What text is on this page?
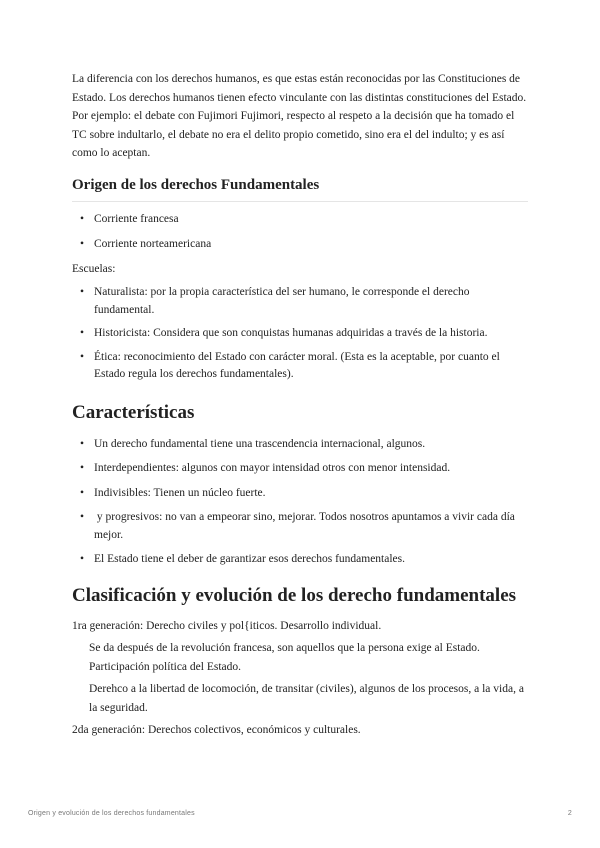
La diferencia con los derechos humanos, es que estas están reconocidas por las Constituciones de Estado. Los derechos humanos tienen efecto vinculante con las distintas constituciones del Estado. Por ejemplo: el debate con Fujimori Fujimori, respecto al respeto a la decisión que ha tomado el TC sobre indultarlo, el debate no era el delito propio cometido, sino era el del indulto; y es así como lo aceptan.

Origen de los derechos Fundamentales
• Corriente francesa
• Corriente norteamericana

Escuelas:

• Naturalista: por la propia característica del ser humano, le corresponde el derecho fundamental.
• Historicista: Considera que son conquistas humanas adquiridas a través de la historia.
• Ética: reconocimiento del Estado con carácter moral. (Esta es la aceptable, por cuanto el Estado regula los derechos fundamentales).
Características
• Un derecho fundamental tiene una trascendencia internacional, algunos.
• Interdependientes: algunos con mayor intensidad otros con menor intensidad.
• Indivisibles: Tienen un núcleo fuerte.
• y progresivos: no van a empeorar sino, mejorar. Todos nosotros apuntamos a vivir cada día mejor.
• El Estado tiene el deber de garantizar esos derechos fundamentales.
Clasificación y evolución de los derecho fundamentales

1ra generación: Derecho civiles y pol{iticos. Desarrollo individual.

Se da después de la revolución francesa, son aquellos que la persona exige al Estado. Participación política del Estado.

Derehco a la libertad de locomoción, de transitar (civiles), algunos de los procesos, a la vida, a la seguridad.

2da generación: Derechos colectivos, económicos y culturales.

Origen y evolución de los derechos fundamentales	2
